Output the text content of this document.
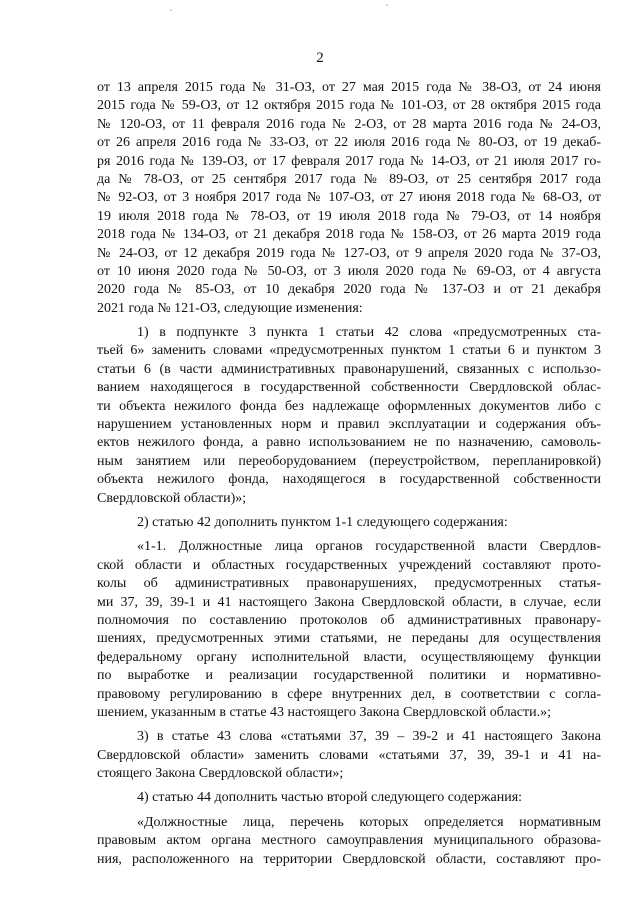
2
от 13 апреля 2015 года № 31-ОЗ, от 27 мая 2015 года № 38-ОЗ, от 24 июня
2015 года № 59-ОЗ, от 12 октября 2015 года № 101-ОЗ, от 28 октября 2015 года
№ 120-ОЗ, от 11 февраля 2016 года № 2-ОЗ, от 28 марта 2016 года № 24-ОЗ,
от 26 апреля 2016 года № 33-ОЗ, от 22 июля 2016 года № 80-ОЗ, от 19 декаб-
ря 2016 года № 139-ОЗ, от 17 февраля 2017 года № 14-ОЗ, от 21 июля 2017 го-
да № 78-ОЗ, от 25 сентября 2017 года № 89-ОЗ, от 25 сентября 2017 года
№ 92-ОЗ, от 3 ноября 2017 года № 107-ОЗ, от 27 июня 2018 года № 68-ОЗ, от
19 июля 2018 года № 78-ОЗ, от 19 июля 2018 года № 79-ОЗ, от 14 ноября
2018 года № 134-ОЗ, от 21 декабря 2018 года № 158-ОЗ, от 26 марта 2019 года
№ 24-ОЗ, от 12 декабря 2019 года № 127-ОЗ, от 9 апреля 2020 года № 37-ОЗ,
от 10 июня 2020 года № 50-ОЗ, от 3 июля 2020 года № 69-ОЗ, от 4 августа
2020 года № 85-ОЗ, от 10 декабря 2020 года № 137-ОЗ и от 21 декабря
2021 года № 121-ОЗ, следующие изменения:
1) в подпункте 3 пункта 1 статьи 42 слова «предусмотренных ста-
тьей 6» заменить словами «предусмотренных пунктом 1 статьи 6 и пунктом 3
статьи 6 (в части административных правонарушений, связанных с использо-
ванием находящегося в государственной собственности Свердловской облас-
ти объекта нежилого фонда без надлежаще оформленных документов либо с
нарушением установленных норм и правил эксплуатации и содержания объ-
ектов нежилого фонда, а равно использованием не по назначению, самоволь-
ным занятием или переоборудованием (переустройством, перепланировкой)
объекта нежилого фонда, находящегося в государственной собственности
Свердловской области)»;
2) статью 42 дополнить пунктом 1-1 следующего содержания:
«1-1. Должностные лица органов государственной власти Свердлов-
ской области и областных государственных учреждений составляют прото-
колы об административных правонарушениях, предусмотренных статья-
ми 37, 39, 39-1 и 41 настоящего Закона Свердловской области, в случае, если
полномочия по составлению протоколов об административных правонару-
шениях, предусмотренных этими статьями, не переданы для осуществления
федеральному органу исполнительной власти, осуществляющему функции
по выработке и реализации государственной политики и нормативно-
правовому регулированию в сфере внутренних дел, в соответствии с согла-
шением, указанным в статье 43 настоящего Закона Свердловской области.»;
3) в статье 43 слова «статьями 37, 39 – 39-2 и 41 настоящего Закона
Свердловской области» заменить словами «статьями 37, 39, 39-1 и 41 на-
стоящего Закона Свердловской области»;
4) статью 44 дополнить частью второй следующего содержания:
«Должностные лица, перечень которых определяется нормативным
правовым актом органа местного самоуправления муниципального образова-
ния, расположенного на территории Свердловской области, составляют про-
